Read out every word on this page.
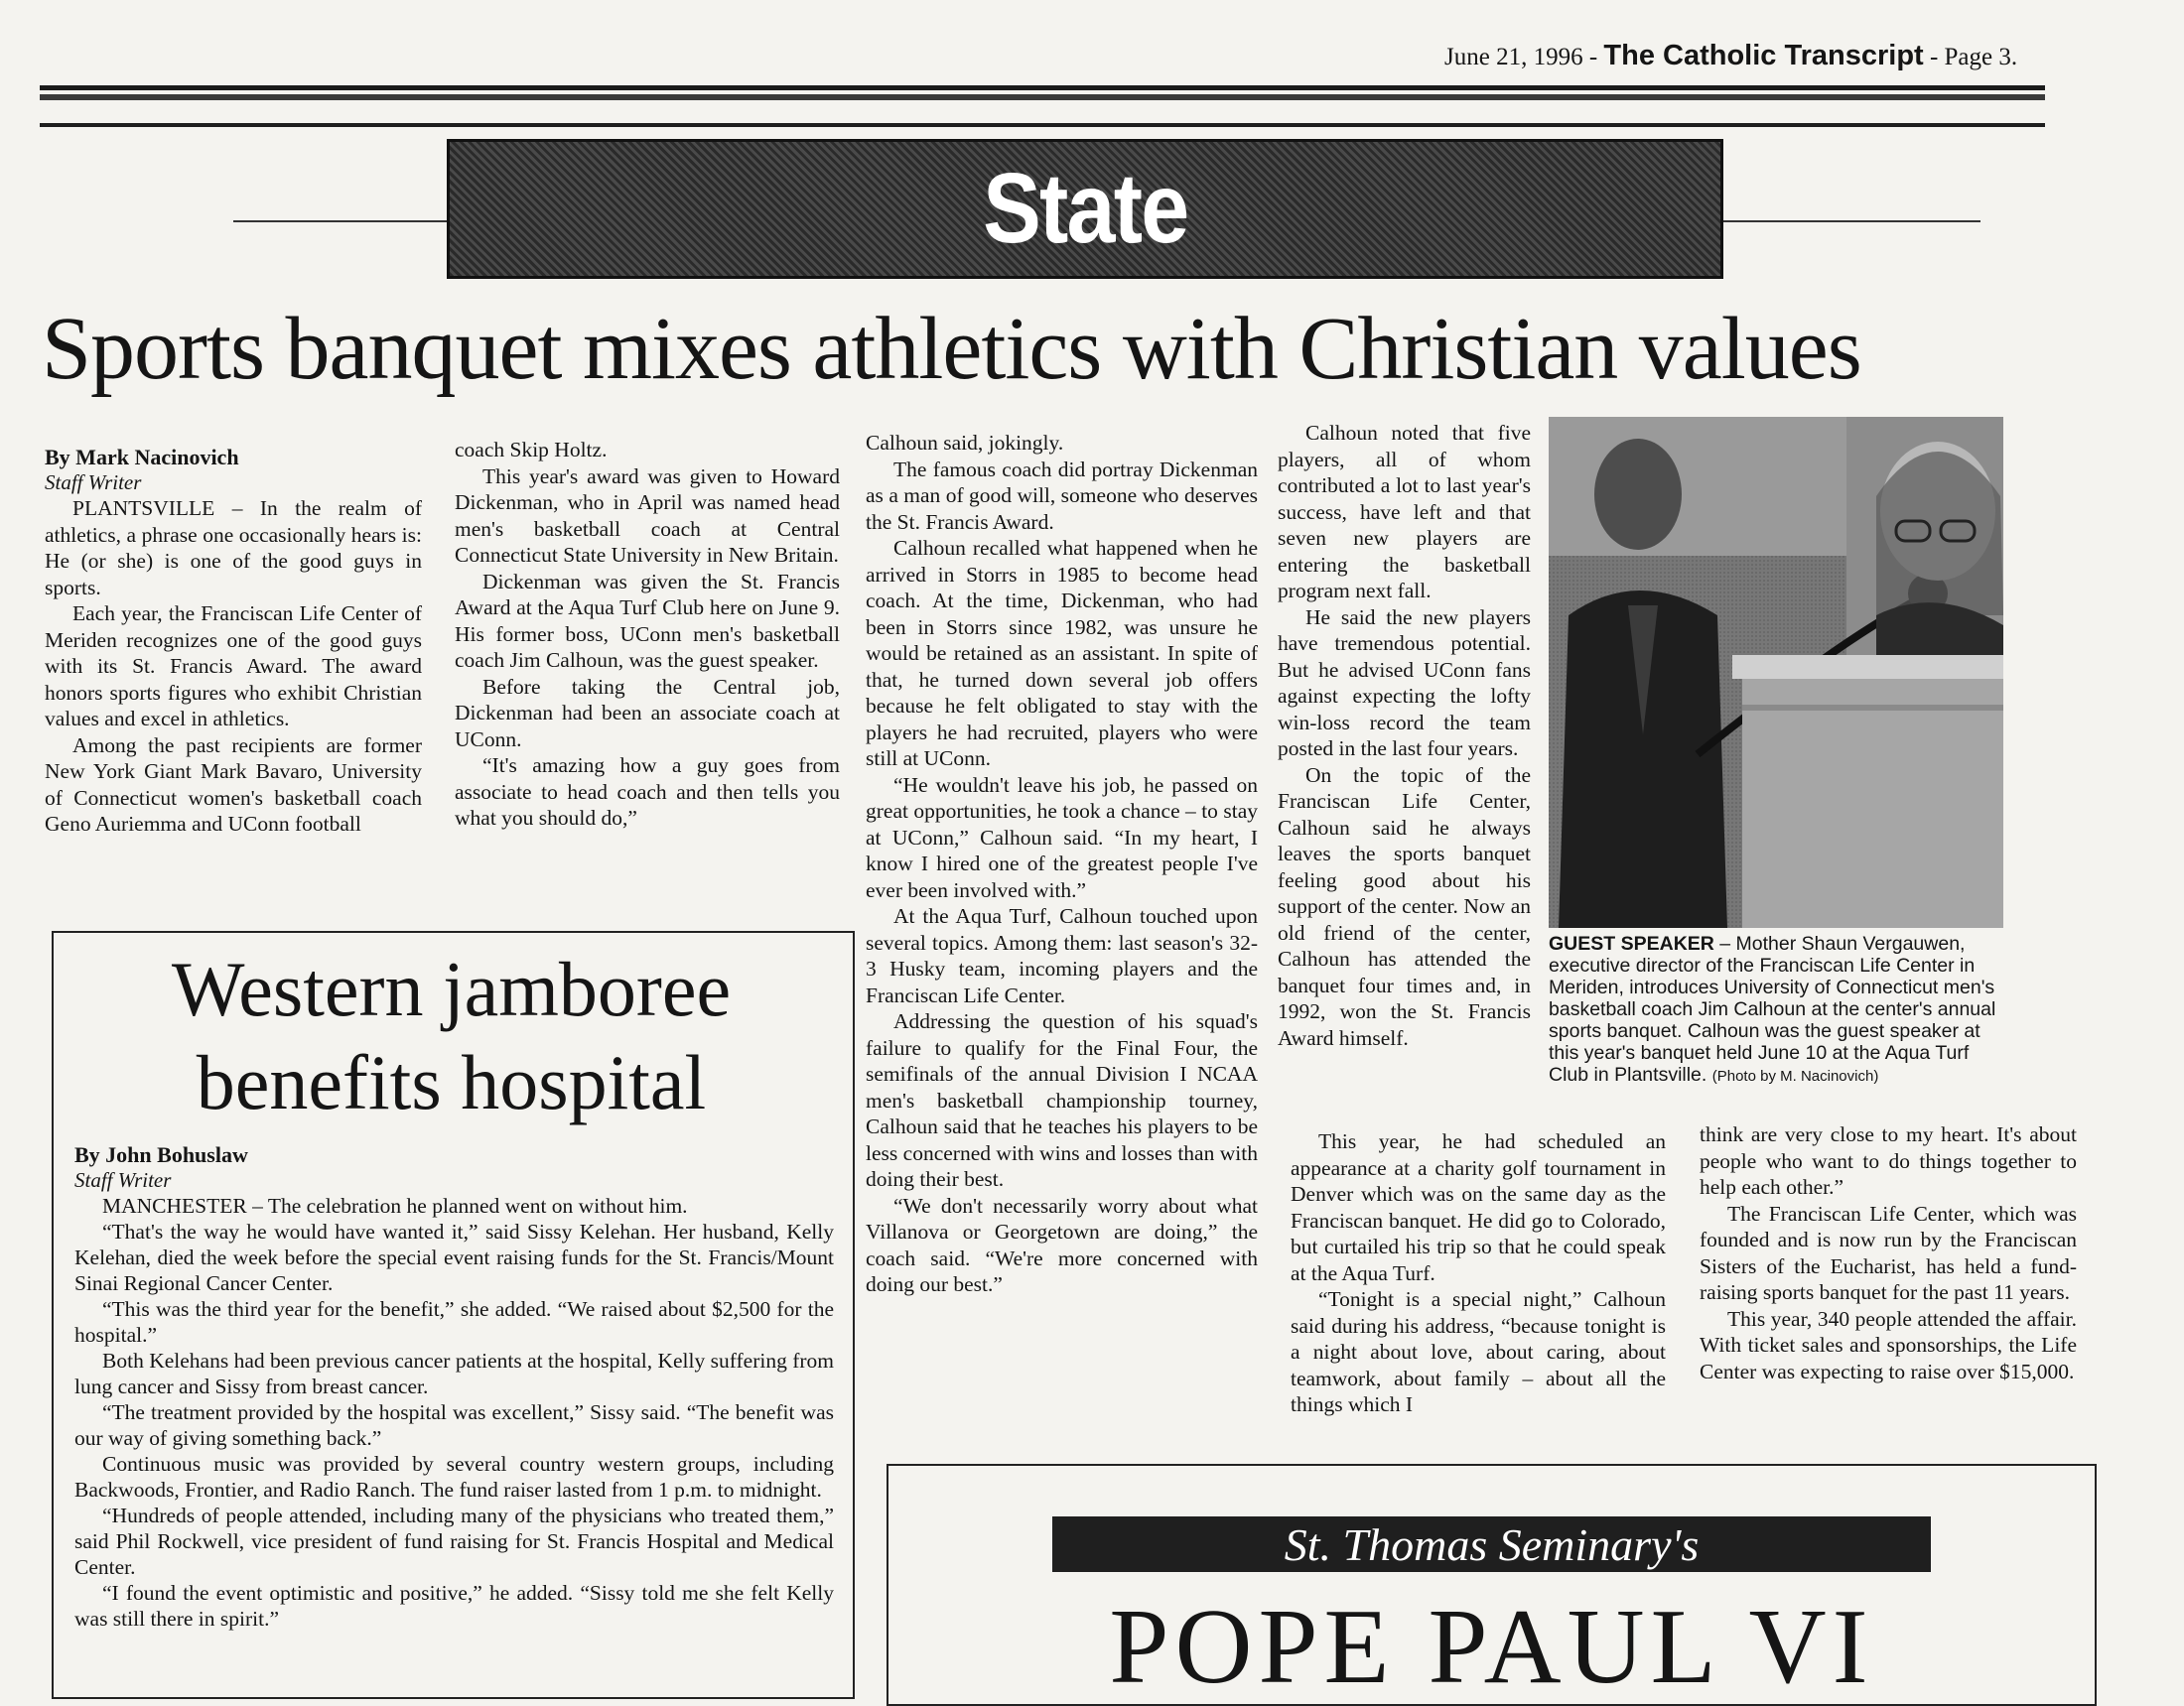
June 21, 1996 - The Catholic Transcript - Page 3.
State
Sports banquet mixes athletics with Christian values
By Mark Nacinovich
Staff Writer

PLANTSVILLE – In the realm of athletics, a phrase one occasionally hears is: He (or she) is one of the good guys in sports.

Each year, the Franciscan Life Center of Meriden recognizes one of the good guys with its St. Francis Award. The award honors sports figures who exhibit Christian values and excel in athletics.

Among the past recipients are former New York Giant Mark Bavaro, University of Connecticut women's basketball coach Geno Auriemma and UConn football

coach Skip Holtz.

This year's award was given to Howard Dickenman, who in April was named head men's basketball coach at Central Connecticut State University in New Britain.

Dickenman was given the St. Francis Award at the Aqua Turf Club here on June 9. His former boss, UConn men's basketball coach Jim Calhoun, was the guest speaker.

Before taking the Central job, Dickenman had been an associate coach at UConn.

“It's amazing how a guy goes from associate to head coach and then tells you what you should do,”

Calhoun said, jokingly.

The famous coach did portray Dickenman as a man of good will, someone who deserves the St. Francis Award.

Calhoun recalled what happened when he arrived in Storrs in 1985 to become head coach. At the time, Dickenman, who had been in Storrs since 1982, was unsure he would be retained as an assistant. In spite of that, he turned down several job offers because he felt obligated to stay with the players he had recruited, players who were still at UConn.

“He wouldn't leave his job, he passed on great opportunities, he took a chance – to stay at UConn,” Calhoun said. “In my heart, I know I hired one of the greatest people I've ever been involved with.”

At the Aqua Turf, Calhoun touched upon several topics. Among them: last season's 32-3 Husky team, incoming players and the Franciscan Life Center.

Addressing the question of his squad's failure to qualify for the Final Four, the semifinals of the annual Division I NCAA men's basketball championship tourney, Calhoun said that he teaches his players to be less concerned with wins and losses than with doing their best.

“We don't necessarily worry about what Villanova or Georgetown are doing,” the coach said. “We're more concerned with doing our best.”

Calhoun noted that five players, all of whom contributed a lot to last year's success, have left and that seven new players are entering the basketball program next fall.

He said the new players have tremendous potential. But he advised UConn fans against expecting the lofty win-loss record the team posted in the last four years.

On the topic of the Franciscan Life Center, Calhoun said he always leaves the sports banquet feeling good about his support of the center. Now an old friend of the center, Calhoun has attended the banquet four times and, in 1992, won the St. Francis Award himself.

GUEST SPEAKER – Mother Shaun Vergauwen, executive director of the Franciscan Life Center in Meriden, introduces University of Connecticut men's basketball coach Jim Calhoun at the center's annual sports banquet. Calhoun was the guest speaker at this year's banquet held June 10 at the Aqua Turf Club in Plantsville. (Photo by M. Nacinovich)

This year, he had scheduled an appearance at a charity golf tournament in Denver which was on the same day as the Franciscan banquet. He did go to Colorado, but curtailed his trip so that he could speak at the Aqua Turf.

“Tonight is a special night,” Calhoun said during his address, “because tonight is a night about love, about caring, about teamwork, about family – about all the things which I

think are very close to my heart. It's about people who want to do things together to help each other.”

The Franciscan Life Center, which was founded and is now run by the Franciscan Sisters of the Eucharist, has held a fund-raising sports banquet for the past 11 years.

This year, 340 people attended the affair. With ticket sales and sponsorships, the Life Center was expecting to raise over $15,000.

Western jamboree
benefits hospital
By John Bohuslaw
Staff Writer

MANCHESTER – The celebration he planned went on without him.

“That's the way he would have wanted it,” said Sissy Kelehan. Her husband, Kelly Kelehan, died the week before the special event raising funds for the St. Francis/Mount Sinai Regional Cancer Center.

“This was the third year for the benefit,” she added. “We raised about $2,500 for the hospital.”

Both Kelehans had been previous cancer patients at the hospital, Kelly suffering from lung cancer and Sissy from breast cancer.

“The treatment provided by the hospital was excellent,” Sissy said. “The benefit was our way of giving something back.”

Continuous music was provided by several country western groups, including Backwoods, Frontier, and Radio Ranch. The fund raiser lasted from 1 p.m. to midnight.

“Hundreds of people attended, including many of the physicians who treated them,” said Phil Rockwell, vice president of fund raising for St. Francis Hospital and Medical Center.

“I found the event optimistic and positive,” he added. “Sissy told me she felt Kelly was still there in spirit.”

St. Thomas Seminary's
POPE PAUL VI
